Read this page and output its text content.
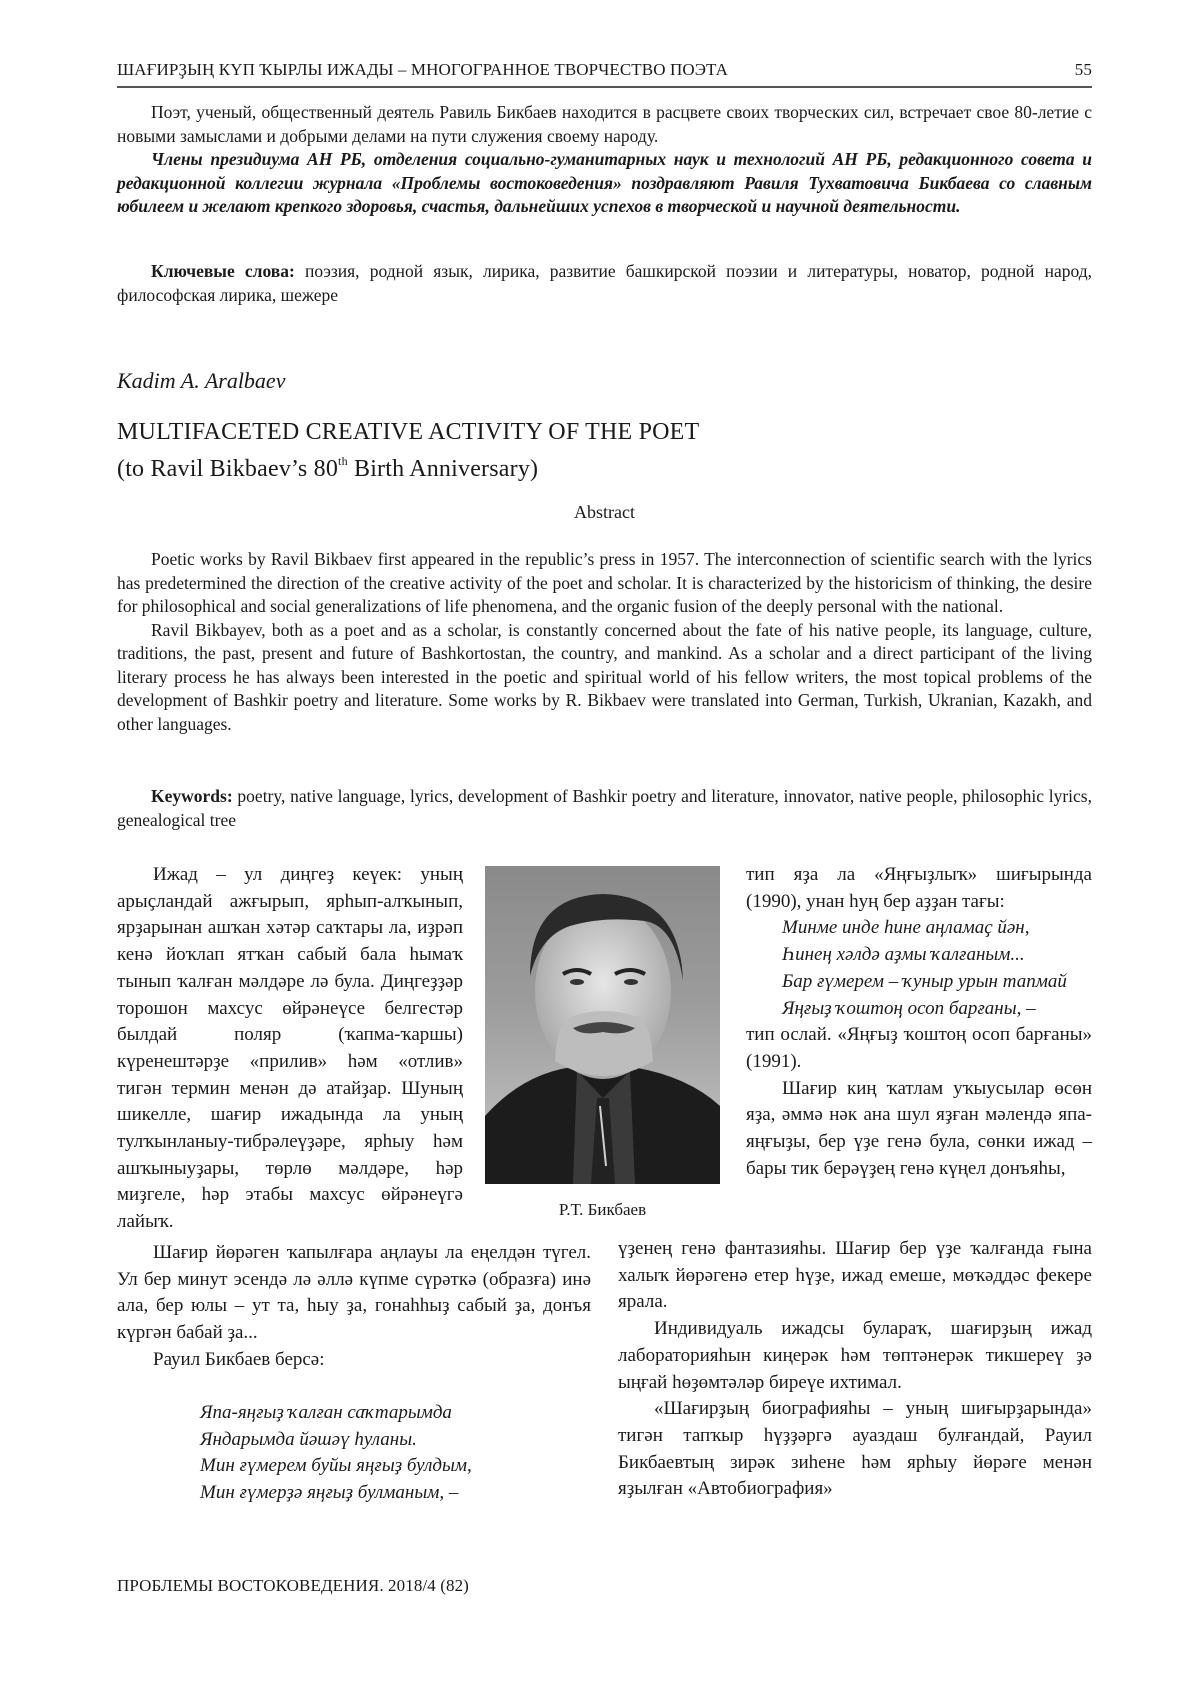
ШАҒИРҘЫҢ КҮП ҠЫРЛЫ ИЖАДЫ – МНОГОГРАННОЕ ТВОРЧЕСТВО ПОЭТА	55

Поэт, ученый, общественный деятель Равиль Бикбаев находится в расцвете своих творческих сил, встречает свое 80-летие с новыми замыслами и добрыми делами на пути служения своему народу.

Члены президиума АН РБ, отделения социально-гуманитарных наук и технологий АН РБ, редакционного совета и редакционной коллегии журнала «Проблемы востоковедения» поздравляют Равиля Тухватовича Бикбаева со славным юбилеем и желают крепкого здоровья, счастья, дальнейших успехов в творческой и научной деятельности.

Ключевые слова: поэзия, родной язык, лирика, развитие башкирской поэзии и литературы, новатор, родной народ, философская лирика, шежере

Kadim A. Aralbaev
MULTIFACETED CREATIVE ACTIVITY OF THE POET
(to Ravil Bikbaev’s 80th Birth Anniversary)
Abstract

Poetic works by Ravil Bikbaev first appeared in the republic’s press in 1957. The interconnection of scientific search with the lyrics has predetermined the direction of the creative activity of the poet and scholar. It is characterized by the historicism of thinking, the desire for philosophical and social generalizations of life phenomena, and the organic fusion of the deeply personal with the national.

Ravil Bikbayev, both as a poet and as a scholar, is constantly concerned about the fate of his native people, its language, culture, traditions, the past, present and future of Bashkortostan, the country, and mankind. As a scholar and a direct participant of the living literary process he has always been interested in the poetic and spiritual world of his fellow writers, the most topical problems of the development of Bashkir poetry and literature. Some works by R. Bikbaev were translated into German, Turkish, Ukranian, Kazakh, and other languages.

Keywords: poetry, native language, lyrics, development of Bashkir poetry and literature, innovator, native people, philosophic lyrics, genealogical tree

Ижад – ул диңгеҙ кеүек: уның арыҫландай ажғырып, ярһып-алҡынып, ярҙарынан ашҡан хәтәр саҡтары ла, иҙрәп кенә йоҡлап ятҡан сабый бала һымаҡ тынып ҡалған мәлдәре лә була. Диңгеҙҙәр торошон махсус өйрәнеүсе белгестәр былдай поляр (ҡапма-ҡаршы) күренештәрҙе «прилив» һәм «отлив» тигән термин менән дә атайҙар. Шуның шикелле, шағир ижадында ла уның тулҡынланыу-тибрәлеүҙәре, ярһыу һәм ашҡыныуҙары, төрлө мәлдәре, һәр миҙгеле, һәр этабы махсус өйрәнеүгә лайыҡ.

Шағир йөрәген ҡапылғара аңлауы ла еңелдән түгел. Ул бер минут эсендә лә әллә күпме сүрәткә (образға) инә ала, бер юлы – ут та, һыу ҙа, гонаһһыҙ сабый ҙа, донъя күргән бабай ҙа...

Рауил Бикбаев берсә:

Япа-яңғыҙ ҡалған саҡтарымда
Яндарымда йәшәү һуланы.
Мин ғүмерем буйы яңғыҙ булдым,
Мин ғүмерҙә яңғыҙ булманым, –
Р.Т. Бикбаев

тип яҙа ла «Яңғыҙлыҡ» шиғырында (1990), унан һуң бер аҙҙан тағы:

Минме инде һине аңламаҫ йән,

Һинең хәлдә аҙмы ҡалғаным...

Бар ғүмерем – ҡуныр урын тапмай

Яңғыҙ ҡоштоң осоп барғаны, –

тип ослай. «Яңғыҙ ҡоштоң осоп барғаны» (1991).

Шағир киң ҡатлам уҡыусылар өсөн яҙа, әммә нәк ана шул яҙған мәлендә япа-яңғыҙы, бер үҙе генә була, сөнки ижад – бары тик берәүҙең генә күңел донъяһы,

үҙенең генә фантазияһы. Шағир бер үҙе ҡалғанда ғына халыҡ йөрәгенә етер һүҙе, ижад емеше, мөҡәддәс фекере ярала.

Индивидуаль ижадсы булараҡ, шағирҙың ижад лабораторияһын киңерәк һәм төптәнерәк тикшереү ҙә ыңғай һөҙөмтәләр биреүе ихтимал.

«Шағирҙың биографияһы – уның шиғырҙарында» тигән тапҡыр һүҙҙәргә ауаздаш булғандай, Рауил Бикбаевтың зирәк зиһене һәм ярһыу йөрәге менән яҙылған «Автобиография»

ПРОБЛЕМЫ ВОСТОКОВЕДЕНИЯ. 2018/4 (82)
